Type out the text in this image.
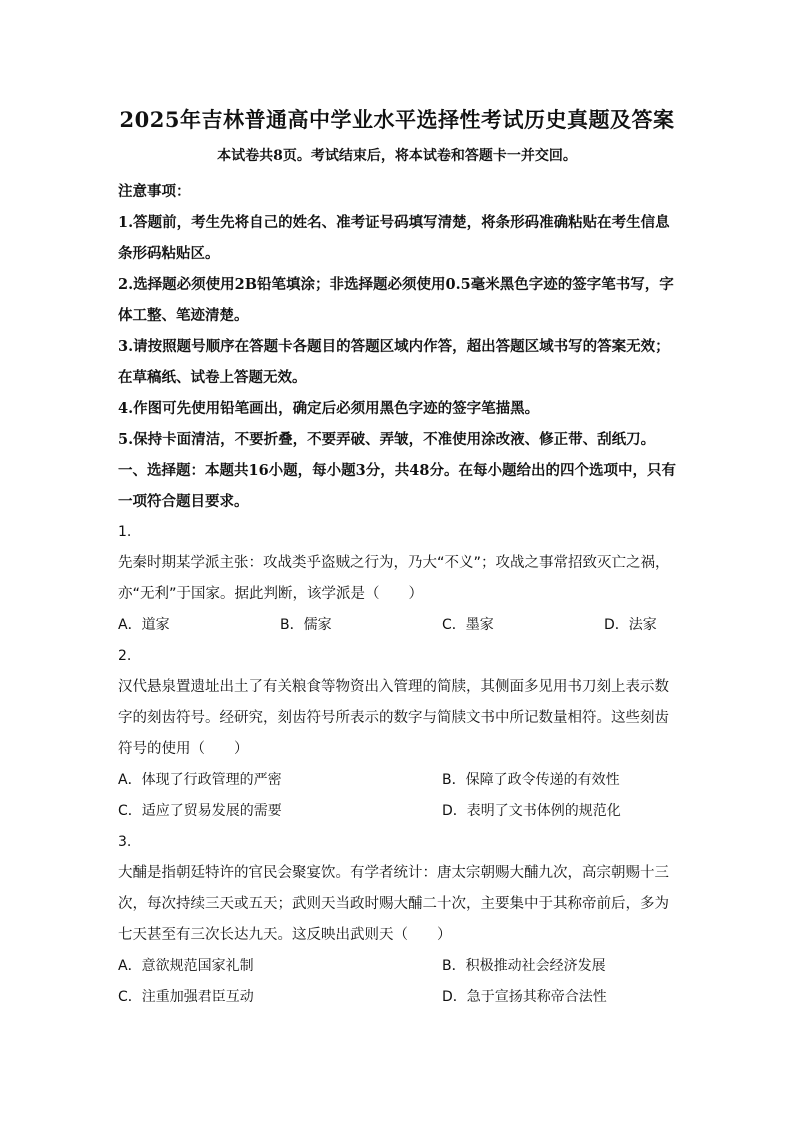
2025年吉林普通高中学业水平选择性考试历史真题及答案
本试卷共8页。考试结束后，将本试卷和答题卡一并交回。

注意事项：

1.答题前，考生先将自己的姓名、准考证号码填写清楚，将条形码准确粘贴在考生信息条形码粘贴区。

2.选择题必须使用2B铅笔填涂；非选择题必须使用0.5毫米黑色字迹的签字笔书写，字体工整、笔迹清楚。

3.请按照题号顺序在答题卡各题目的答题区域内作答，超出答题区域书写的答案无效；在草稿纸、试卷上答题无效。

4.作图可先使用铅笔画出，确定后必须用黑色字迹的签字笔描黑。

5.保持卡面清洁，不要折叠，不要弄破、弄皱，不准使用涂改液、修正带、刮纸刀。

一、选择题：本题共16小题，每小题3分，共48分。在每小题给出的四个选项中，只有一项符合题目要求。

1.

先秦时期某学派主张：攻战类乎盗贼之行为，乃大“不义”；攻战之事常招致灭亡之祸，亦“无利”于国家。据此判断，该学派是（　　）

A．道家	B．儒家	C．墨家	D．法家

2.

汉代悬泉置遗址出土了有关粮食等物资出入管理的简牍，其侧面多见用书刀刻上表示数字的刻齿符号。经研究，刻齿符号所表示的数字与简牍文书中所记数量相符。这些刻齿符号的使用（　　）

A．体现了行政管理的严密	B．保障了政令传递的有效性
C．适应了贸易发展的需要	D．表明了文书体例的规范化

3.

大酺是指朝廷特许的官民会聚宴饮。有学者统计：唐太宗朝赐大酺九次，高宗朝赐十三次，每次持续三天或五天；武则天当政时赐大酺二十次，主要集中于其称帝前后，多为七天甚至有三次长达九天。这反映出武则天（　　）

A．意欲规范国家礼制	B．积极推动社会经济发展
C．注重加强君臣互动	D．急于宣扬其称帝合法性
